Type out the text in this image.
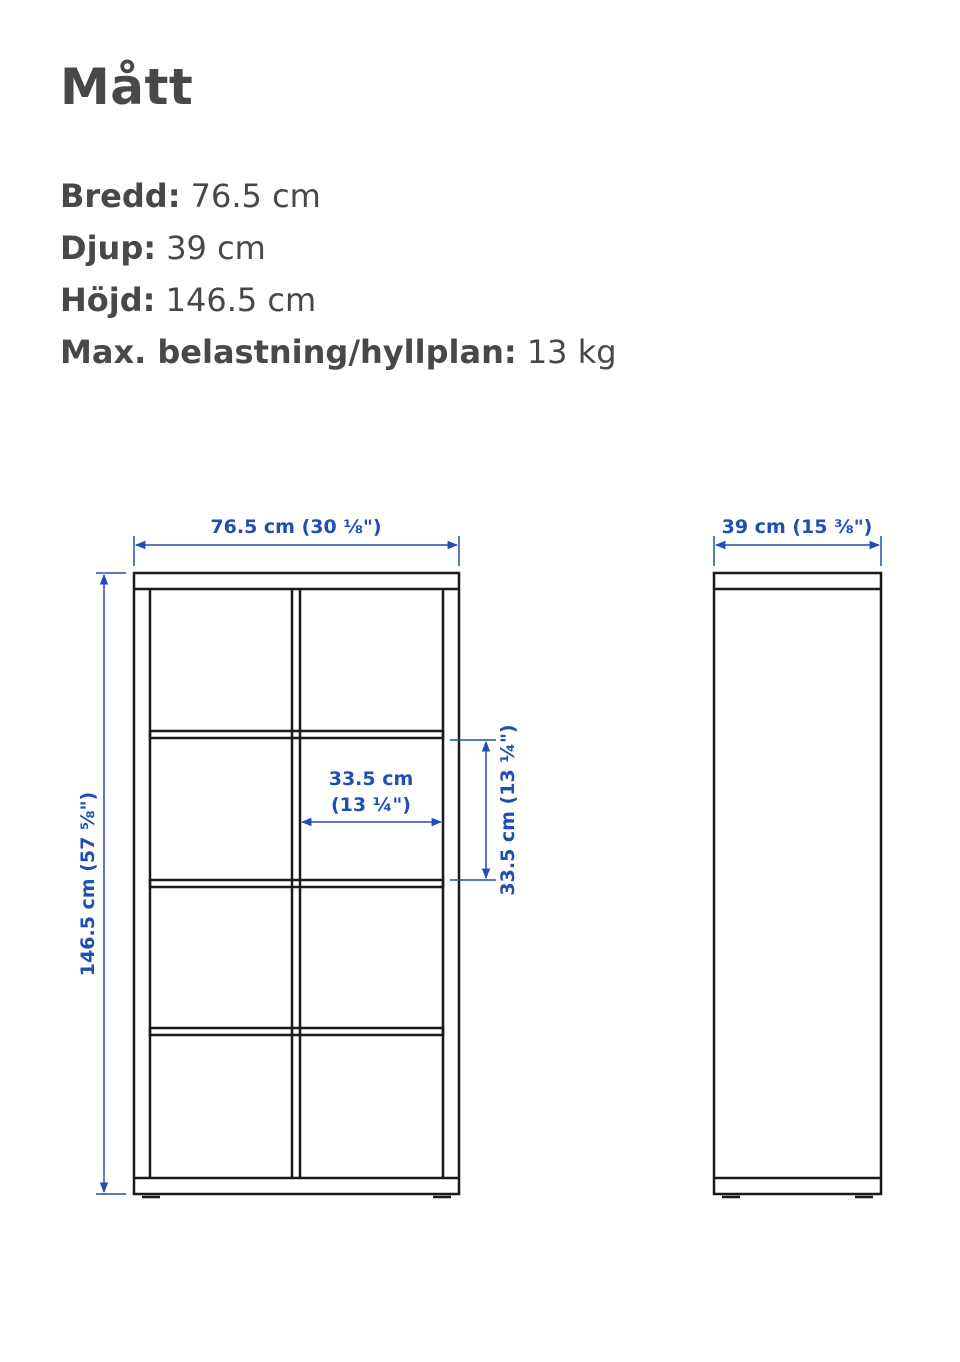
Mått
Bredd: 76.5 cm
Djup: 39 cm
Höjd: 146.5 cm
Max. belastning/hyllplan: 13 kg
76.5 cm (30 ⅛")	39 cm (15 ⅜")
146.5 cm (57 ⅝")
33.5 cm
(13 ¼")	33.5 cm (13 ¼")
